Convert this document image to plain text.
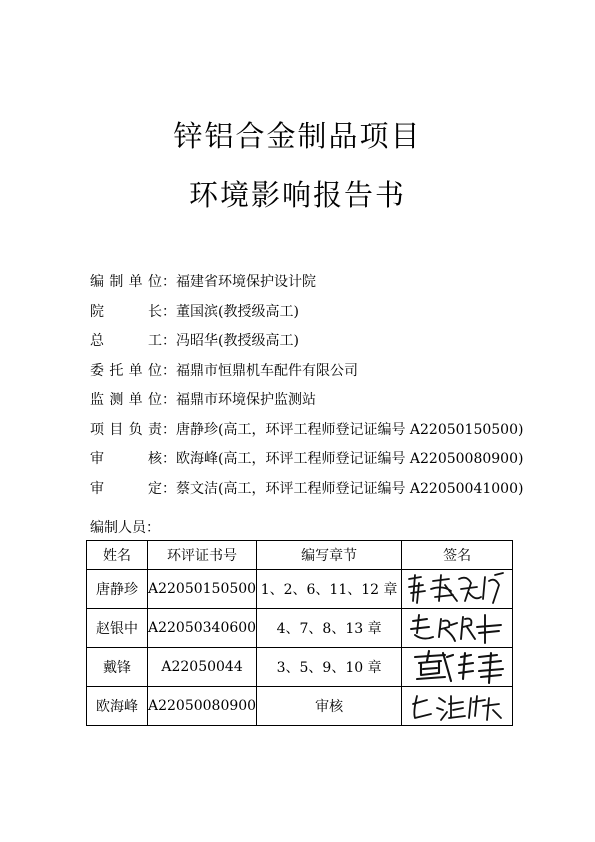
锌铝合金制品项目
环境影响报告书
编制单位 ： 福建省环境保护设计院
院长 ： 董国滨(教授级高工)
总工 ： 冯昭华(教授级高工)
委托单位 ： 福鼎市恒鼎机车配件有限公司
监测单位 ： 福鼎市环境保护监测站
项目负责 ： 唐静珍(高工，环评工程师登记证编号 A22050150500)
审核 ： 欧海峰(高工，环评工程师登记证编号 A22050080900)
审定 ： 蔡文洁(高工，环评工程师登记证编号 A22050041000)
编制人员：
姓名	环评证书号	编写章节	签名
唐静珍	A22050150500	1、2、6、11、12 章	

赵银中	A22050340600	4、7、8、13 章	

戴锋	A22050044	3、5、9、10 章	

欧海峰	A22050080900	审核	
